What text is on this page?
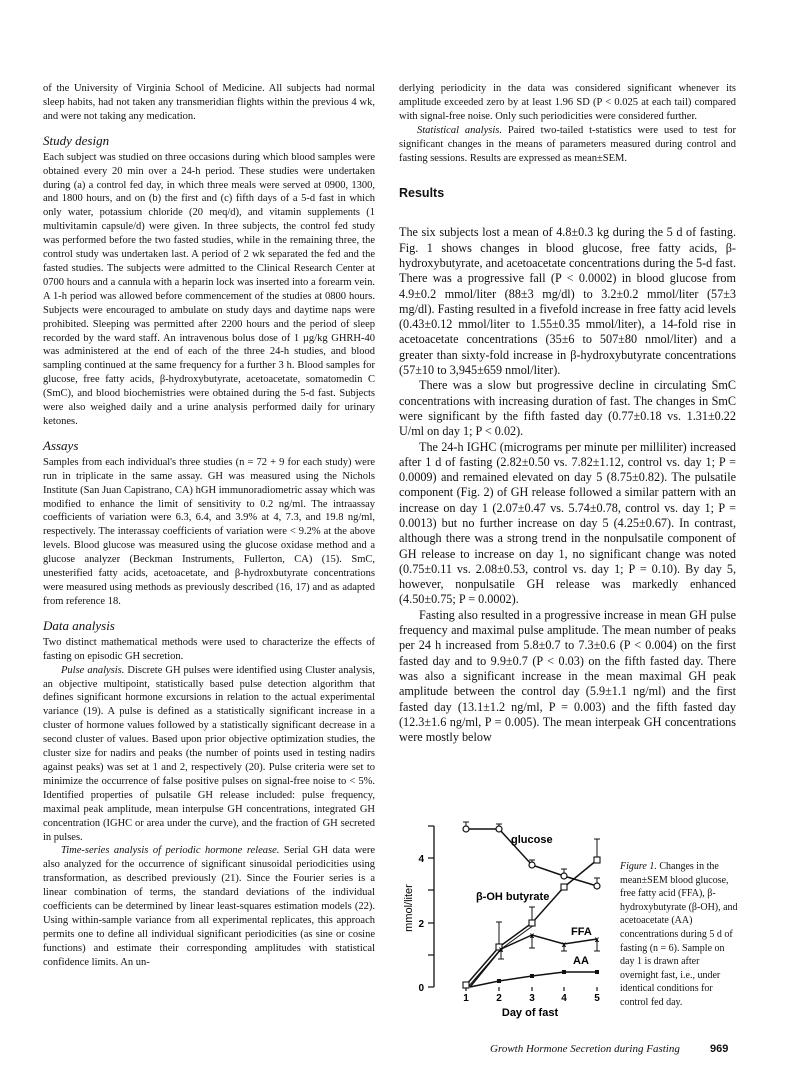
of the University of Virginia School of Medicine. All subjects had normal sleep habits, had not taken any transmeridian flights within the previous 4 wk, and were not taking any medication.

Study design

Each subject was studied on three occasions during which blood samples were obtained every 20 min over a 24-h period. These studies were undertaken during (a) a control fed day, in which three meals were served at 0900, 1300, and 1800 hours, and on (b) the first and (c) fifth days of a 5-d fast in which only water, potassium chloride (20 meq/d), and vitamin supplements (1 multivitamin capsule/d) were given. In three subjects, the control fed study was performed before the two fasted studies, while in the remaining three, the control study was undertaken last. A period of 2 wk separated the fed and the fasted studies. The subjects were admitted to the Clinical Research Center at 0700 hours and a cannula with a heparin lock was inserted into a forearm vein. A 1-h period was allowed before commencement of the studies at 0800 hours. Subjects were encouraged to ambulate on study days and daytime naps were prohibited. Sleeping was permitted after 2200 hours and the period of sleep recorded by the ward staff. An intravenous bolus dose of 1 µg/kg GHRH-40 was administered at the end of each of the three 24-h studies, and blood sampling continued at the same frequency for a further 3 h. Blood samples for glucose, free fatty acids, β-hydroxybutyrate, acetoacetate, somatomedin C (SmC), and blood biochemistries were obtained during the 5-d fast. Subjects were also weighed daily and a urine analysis performed daily for urinary ketones.

Assays

Samples from each individual's three studies (n = 72 + 9 for each study) were run in triplicate in the same assay. GH was measured using the Nichols Institute (San Juan Capistrano, CA) hGH immunoradiometric assay which was modified to enhance the limit of sensitivity to 0.2 ng/ml. The intraassay coefficients of variation were 6.3, 6.4, and 3.9% at 4, 7.3, and 19.8 ng/ml, respectively. The interassay coefficients of variation were < 9.2% at the above levels. Blood glucose was measured using the glucose oxidase method and a glucose analyzer (Beckman Instruments, Fullerton, CA) (15). SmC, unesterified fatty acids, acetoacetate, and β-hydroxbutyrate concentrations were measured using methods as previously described (16, 17) and as adapted from reference 18.

Data analysis

Two distinct mathematical methods were used to characterize the effects of fasting on episodic GH secretion.

Pulse analysis. Discrete GH pulses were identified using Cluster analysis, an objective multipoint, statistically based pulse detection algorithm that defines significant hormone excursions in relation to the actual experimental variance (19). A pulse is defined as a statistically significant increase in a cluster of hormone values followed by a statistically significant decrease in a second cluster of values. Based upon prior objective optimization studies, the cluster size for nadirs and peaks (the number of points used in testing nadirs against peaks) was set at 1 and 2, respectively (20). Pulse criteria were set to minimize the occurrence of false positive pulses on signal-free noise to < 5%. Identified properties of pulsatile GH release included: pulse frequency, maximal peak amplitude, mean interpulse GH concentrations, integrated GH concentration (IGHC or area under the curve), and the fraction of GH secreted in pulses.

Time-series analysis of periodic hormone release. Serial GH data were also analyzed for the occurrence of significant sinusoidal periodicities using transformation, as described previously (21). Since the Fourier series is a linear combination of terms, the standard deviations of the individual coefficients can be determined by linear least-squares estimation models (22). Using within-sample variance from all experimental replicates, this approach permits one to define all individual significant periodicities (as sine or cosine functions) and estimate their corresponding amplitudes with statistical confidence limits. An un-

derlying periodicity in the data was considered significant whenever its amplitude exceeded zero by at least 1.96 SD (P < 0.025 at each tail) compared with signal-free noise. Only such periodicities were considered further.

Statistical analysis. Paired two-tailed t-statistics were used to test for significant changes in the means of parameters measured during control and fasting sessions. Results are expressed as mean±SEM.

Results

The six subjects lost a mean of 4.8±0.3 kg during the 5 d of fasting. Fig. 1 shows changes in blood glucose, free fatty acids, β-hydroxybutyrate, and acetoacetate concentrations during the 5-d fast. There was a progressive fall (P < 0.0002) in blood glucose from 4.9±0.2 mmol/liter (88±3 mg/dl) to 3.2±0.2 mmol/liter (57±3 mg/dl). Fasting resulted in a fivefold increase in free fatty acid levels (0.43±0.12 mmol/liter to 1.55±0.35 mmol/liter), a 14-fold rise in acetoacetate concentrations (35±6 to 507±80 nmol/liter) and a greater than sixty-fold increase in β-hydroxybutyrate concentrations (57±10 to 3,945±659 nmol/liter).

There was a slow but progressive decline in circulating SmC concentrations with increasing duration of fast. The changes in SmC were significant by the fifth fasted day (0.77±0.18 vs. 1.31±0.22 U/ml on day 1; P < 0.02).

The 24-h IGHC (micrograms per minute per milliliter) increased after 1 d of fasting (2.82±0.50 vs. 7.82±1.12, control vs. day 1; P = 0.0009) and remained elevated on day 5 (8.75±0.82). The pulsatile component (Fig. 2) of GH release followed a similar pattern with an increase on day 1 (2.07±0.47 vs. 5.74±0.78, control vs. day 1; P = 0.0013) but no further increase on day 5 (4.25±0.67). In contrast, although there was a strong trend in the nonpulsatile component of GH release to increase on day 1, no significant change was noted (0.75±0.11 vs. 2.08±0.53, control vs. day 1; P = 0.10). By day 5, however, nonpulsatile GH release was markedly enhanced (4.50±0.75; P = 0.0002).

Fasting also resulted in a progressive increase in mean GH pulse frequency and maximal pulse amplitude. The mean number of peaks per 24 h increased from 5.8±0.7 to 7.3±0.6 (P < 0.004) on the first fasted day and to 9.9±0.7 (P < 0.03) on the fifth fasted day. There was also a significant increase in the mean maximal GH peak amplitude between the control day (5.9±1.1 ng/ml) and the first fasted day (13.1±1.2 ng/ml, P = 0.003) and the fifth fasted day (12.3±1.6 ng/ml, P = 0.005). The mean interpeak GH concentrations were mostly below

4
2
0
mmol/liter
1	2	3	4	5
Day of fast
glucose
β-OH butyrate
x
x
x
x
FFA
AA
Figure 1. Changes in the mean±SEM blood glucose, free fatty acid (FFA), β-hydroxybutyrate (β-OH), and acetoacetate (AA) concentrations during 5 d of fasting (n = 6). Sample on day 1 is drawn after overnight fast, i.e., under identical conditions for control fed day.
Growth Hormone Secretion during Fasting	969
